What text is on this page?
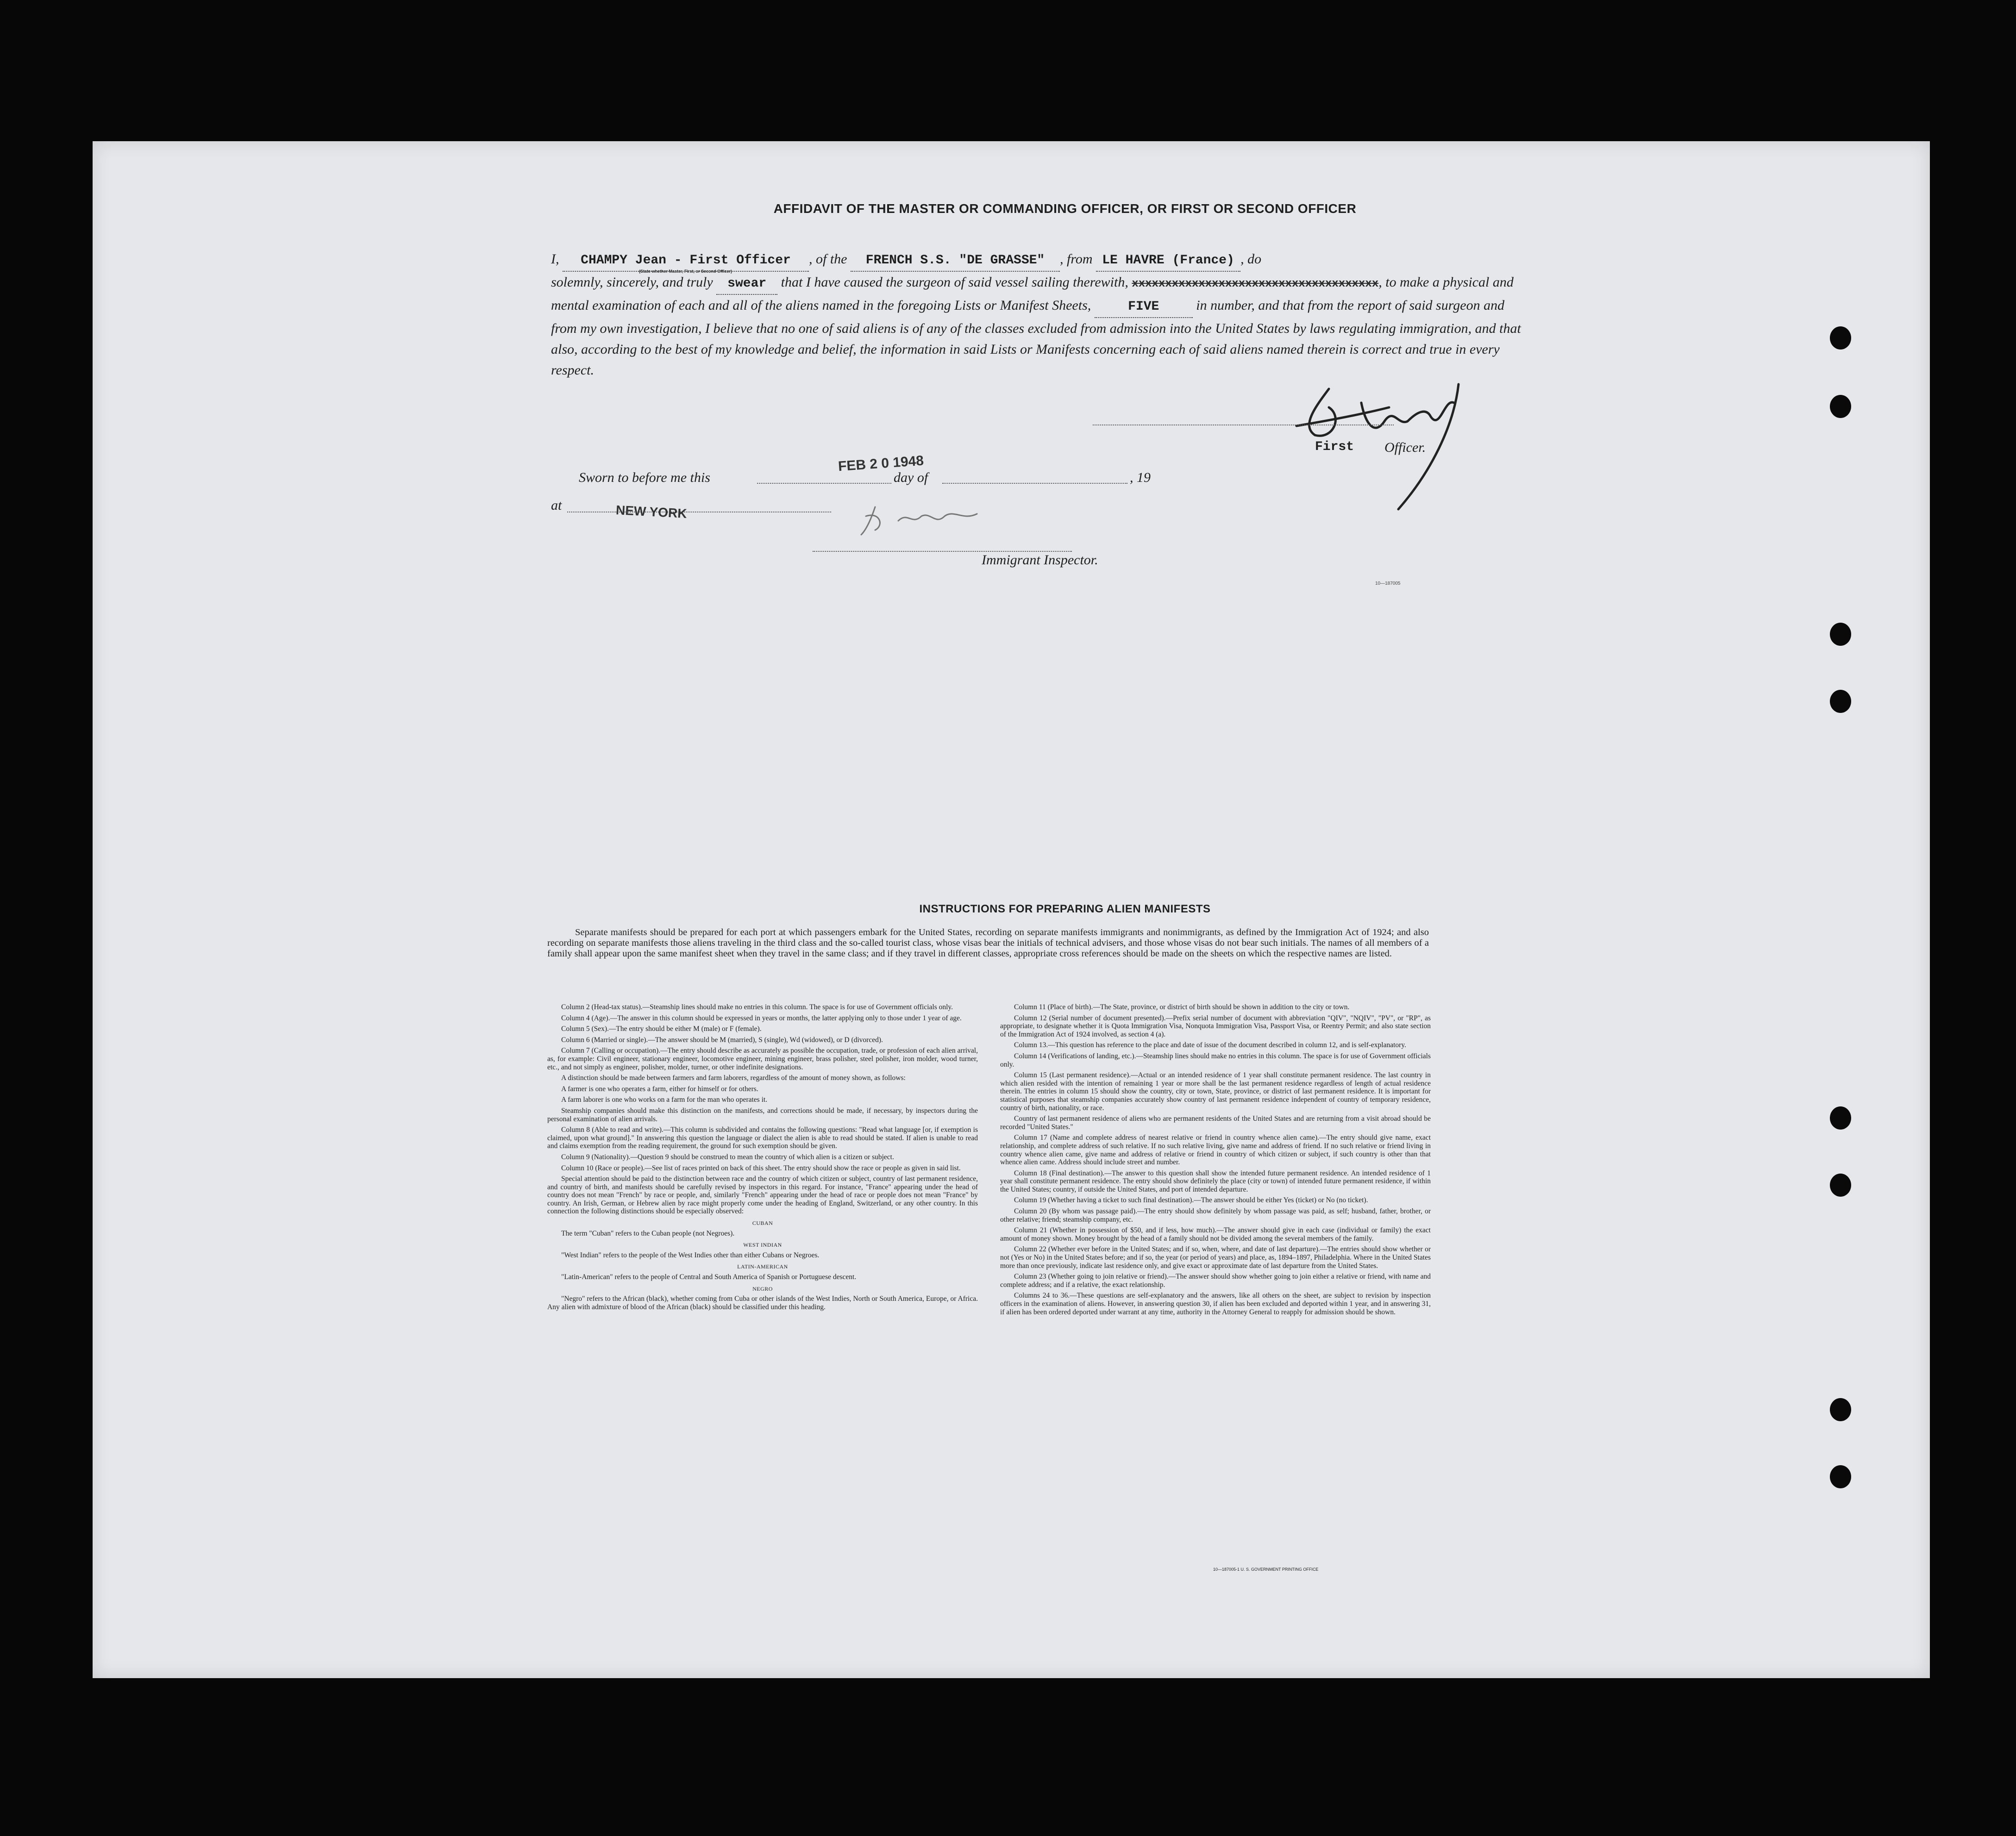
AFFIDAVIT OF THE MASTER OR COMMANDING OFFICER, OR FIRST OR SECOND OFFICER
(State whether Master, First, or Second Officer)
I, CHAMPY Jean - First Officer , of the FRENCH S.S. "DE GRASSE" , from LE HAVRE (France) , do
solemnly, sincerely, and truly swear that I have caused the surgeon of said vessel sailing therewith, xxxxxxxxxxxxxxxxxxxxxxxxxxxxxxxxxxxxx, to make a physical and mental examination of each and all of the aliens named in the foregoing Lists or Manifest Sheets,	FIVE	in number, and that from the report of said surgeon and from my own investigation, I believe that no one of said aliens is of any of the classes excluded from admission into the United States by laws regulating immigration, and that also, according to the best of my knowledge and belief, the information in said Lists or Manifests concerning each of said aliens named therein is correct and true in every respect.
First Officer.
Sworn to before me this
FEB 2 0 1948
day of	, 19
at	NEW YORK
Immigrant Inspector.
10—187005
INSTRUCTIONS FOR PREPARING ALIEN MANIFESTS
Separate manifests should be prepared for each port at which passengers embark for the United States, recording on separate manifests immigrants and nonimmigrants, as defined by the Immigration Act of 1924; and also recording on separate manifests those aliens traveling in the third class and the so-called tourist class, whose visas bear the initials of technical advisers, and those whose visas do not bear such initials. The names of all members of a family shall appear upon the same manifest sheet when they travel in the same class; and if they travel in different classes, appropriate cross references should be made on the sheets on which the respective names are listed.

Column 2 (Head-tax status).—Steamship lines should make no entries in this column. The space is for use of Government officials only.

Column 4 (Age).—The answer in this column should be expressed in years or months, the latter applying only to those under 1 year of age.

Column 5 (Sex).—The entry should be either M (male) or F (female).

Column 6 (Married or single).—The answer should be M (married), S (single), Wd (widowed), or D (divorced).

Column 7 (Calling or occupation).—The entry should describe as accurately as possible the occupation, trade, or profession of each alien arrival, as, for example: Civil engineer, stationary engineer, locomotive engineer, mining engineer, brass polisher, steel polisher, iron molder, wood turner, etc., and not simply as engineer, polisher, molder, turner, or other indefinite designations.

A distinction should be made between farmers and farm laborers, regardless of the amount of money shown, as follows:

A farmer is one who operates a farm, either for himself or for others.

A farm laborer is one who works on a farm for the man who operates it.

Steamship companies should make this distinction on the manifests, and corrections should be made, if necessary, by inspectors during the personal examination of alien arrivals.

Column 8 (Able to read and write).—This column is subdivided and contains the following questions: "Read what language [or, if exemption is claimed, upon what ground]." In answering this question the language or dialect the alien is able to read should be stated. If alien is unable to read and claims exemption from the reading requirement, the ground for such exemption should be given.

Column 9 (Nationality).—Question 9 should be construed to mean the country of which alien is a citizen or subject.

Column 10 (Race or people).—See list of races printed on back of this sheet. The entry should show the race or people as given in said list.

Special attention should be paid to the distinction between race and the country of which citizen or subject, country of last permanent residence, and country of birth, and manifests should be carefully revised by inspectors in this regard. For instance, "France" appearing under the head of country does not mean "French" by race or people, and, similarly "French" appearing under the head of race or people does not mean "France" by country. An Irish, German, or Hebrew alien by race might properly come under the heading of England, Switzerland, or any other country. In this connection the following distinctions should be especially observed:

CUBAN

The term "Cuban" refers to the Cuban people (not Negroes).

WEST INDIAN

"West Indian" refers to the people of the West Indies other than either Cubans or Negroes.

LATIN-AMERICAN

"Latin-American" refers to the people of Central and South America of Spanish or Portuguese descent.

NEGRO

"Negro" refers to the African (black), whether coming from Cuba or other islands of the West Indies, North or South America, Europe, or Africa. Any alien with admixture of blood of the African (black) should be classified under this heading.

Column 11 (Place of birth).—The State, province, or district of birth should be shown in addition to the city or town.

Column 12 (Serial number of document presented).—Prefix serial number of document with abbreviation "QIV", "NQIV", "PV", or "RP", as appropriate, to designate whether it is Quota Immigration Visa, Nonquota Immigration Visa, Passport Visa, or Reentry Permit; and also state section of the Immigration Act of 1924 involved, as section 4 (a).

Column 13.—This question has reference to the place and date of issue of the document described in column 12, and is self-explanatory.

Column 14 (Verifications of landing, etc.).—Steamship lines should make no entries in this column. The space is for use of Government officials only.

Column 15 (Last permanent residence).—Actual or an intended residence of 1 year shall constitute permanent residence. The last country in which alien resided with the intention of remaining 1 year or more shall be the last permanent residence regardless of length of actual residence therein. The entries in column 15 should show the country, city or town, State, province, or district of last permanent residence. It is important for statistical purposes that steamship companies accurately show country of last permanent residence independent of country of temporary residence, country of birth, nationality, or race.

Country of last permanent residence of aliens who are permanent residents of the United States and are returning from a visit abroad should be recorded "United States."

Column 17 (Name and complete address of nearest relative or friend in country whence alien came).—The entry should give name, exact relationship, and complete address of such relative. If no such relative living, give name and address of friend. If no such relative or friend living in country whence alien came, give name and address of relative or friend in country of which citizen or subject, if such country is other than that whence alien came. Address should include street and number.

Column 18 (Final destination).—The answer to this question shall show the intended future permanent residence. An intended residence of 1 year shall constitute permanent residence. The entry should show definitely the place (city or town) of intended future permanent residence, if within the United States; country, if outside the United States, and port of intended departure.

Column 19 (Whether having a ticket to such final destination).—The answer should be either Yes (ticket) or No (no ticket).

Column 20 (By whom was passage paid).—The entry should show definitely by whom passage was paid, as self; husband, father, brother, or other relative; friend; steamship company, etc.

Column 21 (Whether in possession of $50, and if less, how much).—The answer should give in each case (individual or family) the exact amount of money shown. Money brought by the head of a family should not be divided among the several members of the family.

Column 22 (Whether ever before in the United States; and if so, when, where, and date of last departure).—The entries should show whether or not (Yes or No) in the United States before; and if so, the year (or period of years) and place, as, 1894–1897, Philadelphia. Where in the United States more than once previously, indicate last residence only, and give exact or approximate date of last departure from the United States.

Column 23 (Whether going to join relative or friend).—The answer should show whether going to join either a relative or friend, with name and complete address; and if a relative, the exact relationship.

Columns 24 to 36.—These questions are self-explanatory and the answers, like all others on the sheet, are subject to revision by inspection officers in the examination of aliens. However, in answering question 30, if alien has been excluded and deported within 1 year, and in answering 31, if alien has been ordered deported under warrant at any time, authority in the Attorney General to reapply for admission should be shown.

10—187005-1 U. S. GOVERNMENT PRINTING OFFICE
